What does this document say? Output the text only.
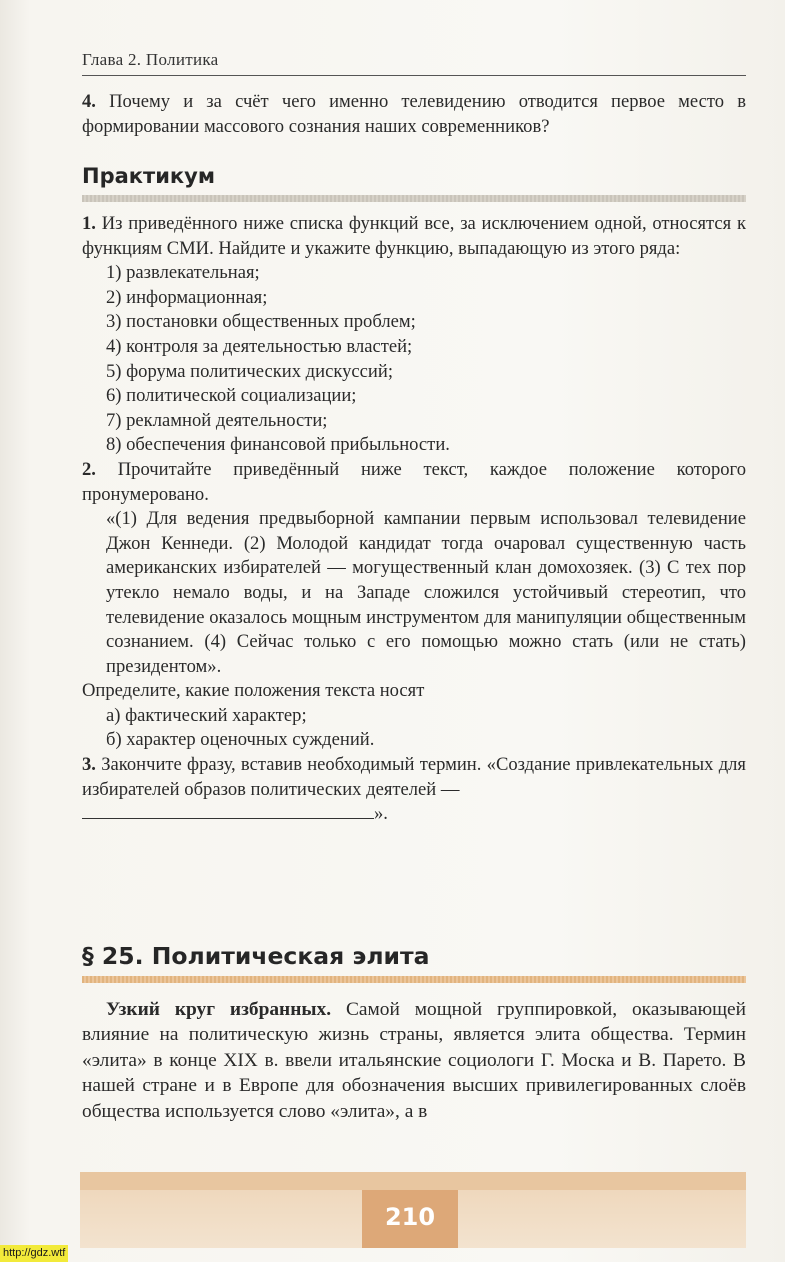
Глава 2. Политика

4. Почему и за счёт чего именно телевидению отводится первое место в формировании массового сознания наших современников?

Практикум

1. Из приведённого ниже списка функций все, за исключением одной, относятся к функциям СМИ. Найдите и укажите функцию, выпадающую из этого ряда:

1) развлекательная;

2) информационная;

3) постановки общественных проблем;

4) контроля за деятельностью властей;

5) форума политических дискуссий;

6) политической социализации;

7) рекламной деятельности;

8) обеспечения финансовой прибыльности.

2. Прочитайте приведённый ниже текст, каждое положение которого пронумеровано.

«(1) Для ведения предвыборной кампании первым использовал телевидение Джон Кеннеди. (2) Молодой кандидат тогда очаровал существенную часть американских избирателей — могущественный клан домохозяек. (3) С тех пор утекло немало воды, и на Западе сложился устойчивый стереотип, что телевидение оказалось мощным инструментом для манипуляции общественным сознанием. (4) Сейчас только с его помощью можно стать (или не стать) президентом».

Определите, какие положения текста носят

а) фактический характер;

б) характер оценочных суждений.

3. Закончите фразу, вставив необходимый термин. «Создание привлекательных для избирателей образов политических деятелей —

».

§ 25. Политическая элита

Узкий круг избранных. Самой мощной группировкой, оказывающей влияние на политическую жизнь страны, является элита общества. Термин «элита» в конце XIX в. ввели итальянские социологи Г. Моска и В. Парето. В нашей стране и в Европе для обозначения высших привилегированных слоёв общества используется слово «элита», а в

210
http://gdz.wtf
